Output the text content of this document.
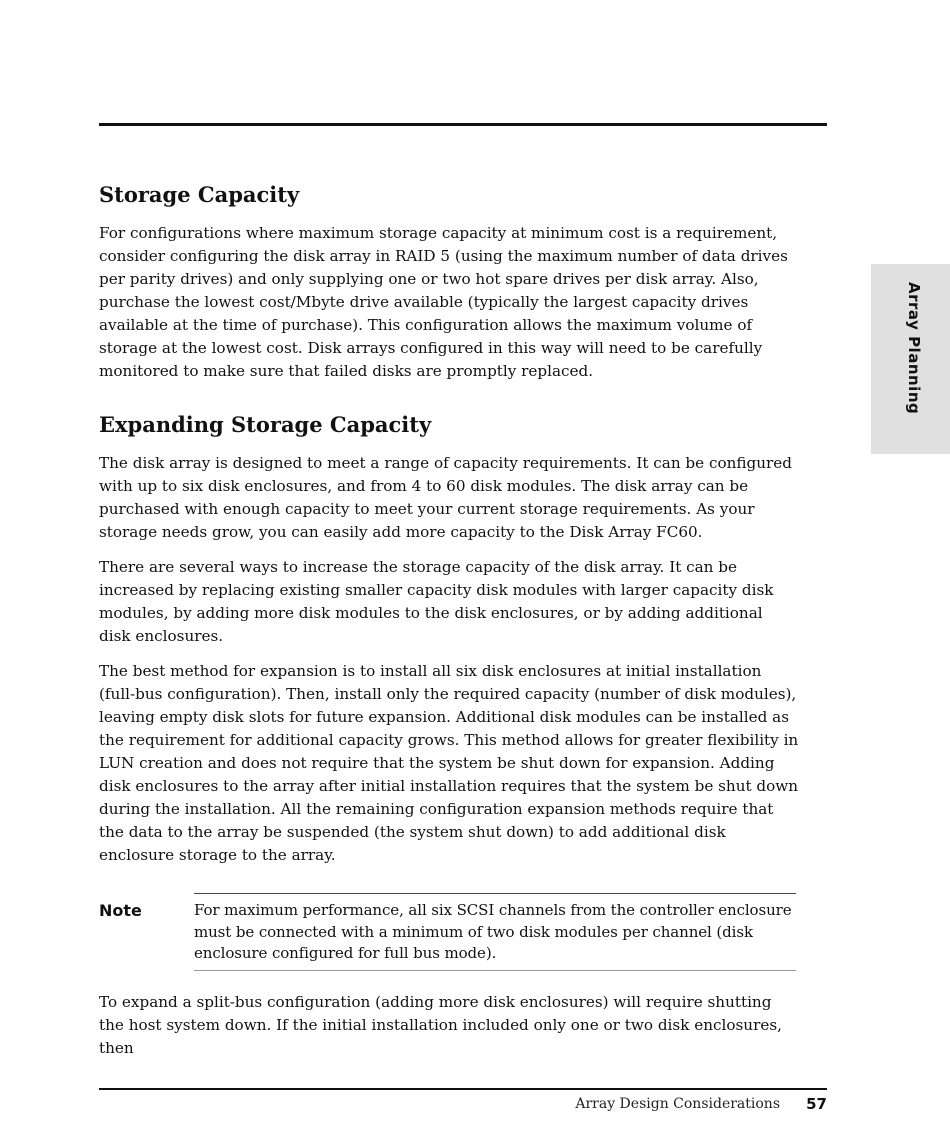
Array Planning
Storage Capacity

For configurations where maximum storage capacity at minimum cost is a requirement, consider configuring the disk array in RAID 5 (using the maximum number of data drives per parity drives) and only supplying one or two hot spare drives per disk array. Also, purchase the lowest cost/Mbyte drive available (typically the largest capacity drives available at the time of purchase). This configuration allows the maximum volume of storage at the lowest cost. Disk arrays configured in this way will need to be carefully monitored to make sure that failed disks are promptly replaced.

Expanding Storage Capacity

The disk array is designed to meet a range of capacity requirements. It can be configured with up to six disk enclosures, and from 4 to 60 disk modules. The disk array can be purchased with enough capacity to meet your current storage requirements. As your storage needs grow, you can easily add more capacity to the Disk Array FC60.

There are several ways to increase the storage capacity of the disk array. It can be increased by replacing existing smaller capacity disk modules with larger capacity disk modules, by adding more disk modules to the disk enclosures, or by adding additional disk enclosures.

The best method for expansion is to install all six disk enclosures at initial installation (full-bus configuration). Then, install only the required capacity (number of disk modules), leaving empty disk slots for future expansion. Additional disk modules can be installed as the requirement for additional capacity grows. This method allows for greater flexibility in LUN creation and does not require that the system be shut down for expansion. Adding disk enclosures to the array after initial installation requires that the system be shut down during the installation. All the remaining configuration expansion methods require that the data to the array be suspended (the system shut down) to add additional disk enclosure storage to the array.

Note	For maximum performance, all six SCSI channels from the controller enclosure must be connected with a minimum of two disk modules per channel (disk enclosure configured for full bus mode).

To expand a split-bus configuration (adding more disk enclosures) will require shutting the host system down. If the initial installation included only one or two disk enclosures, then

Array Design Considerations 57
